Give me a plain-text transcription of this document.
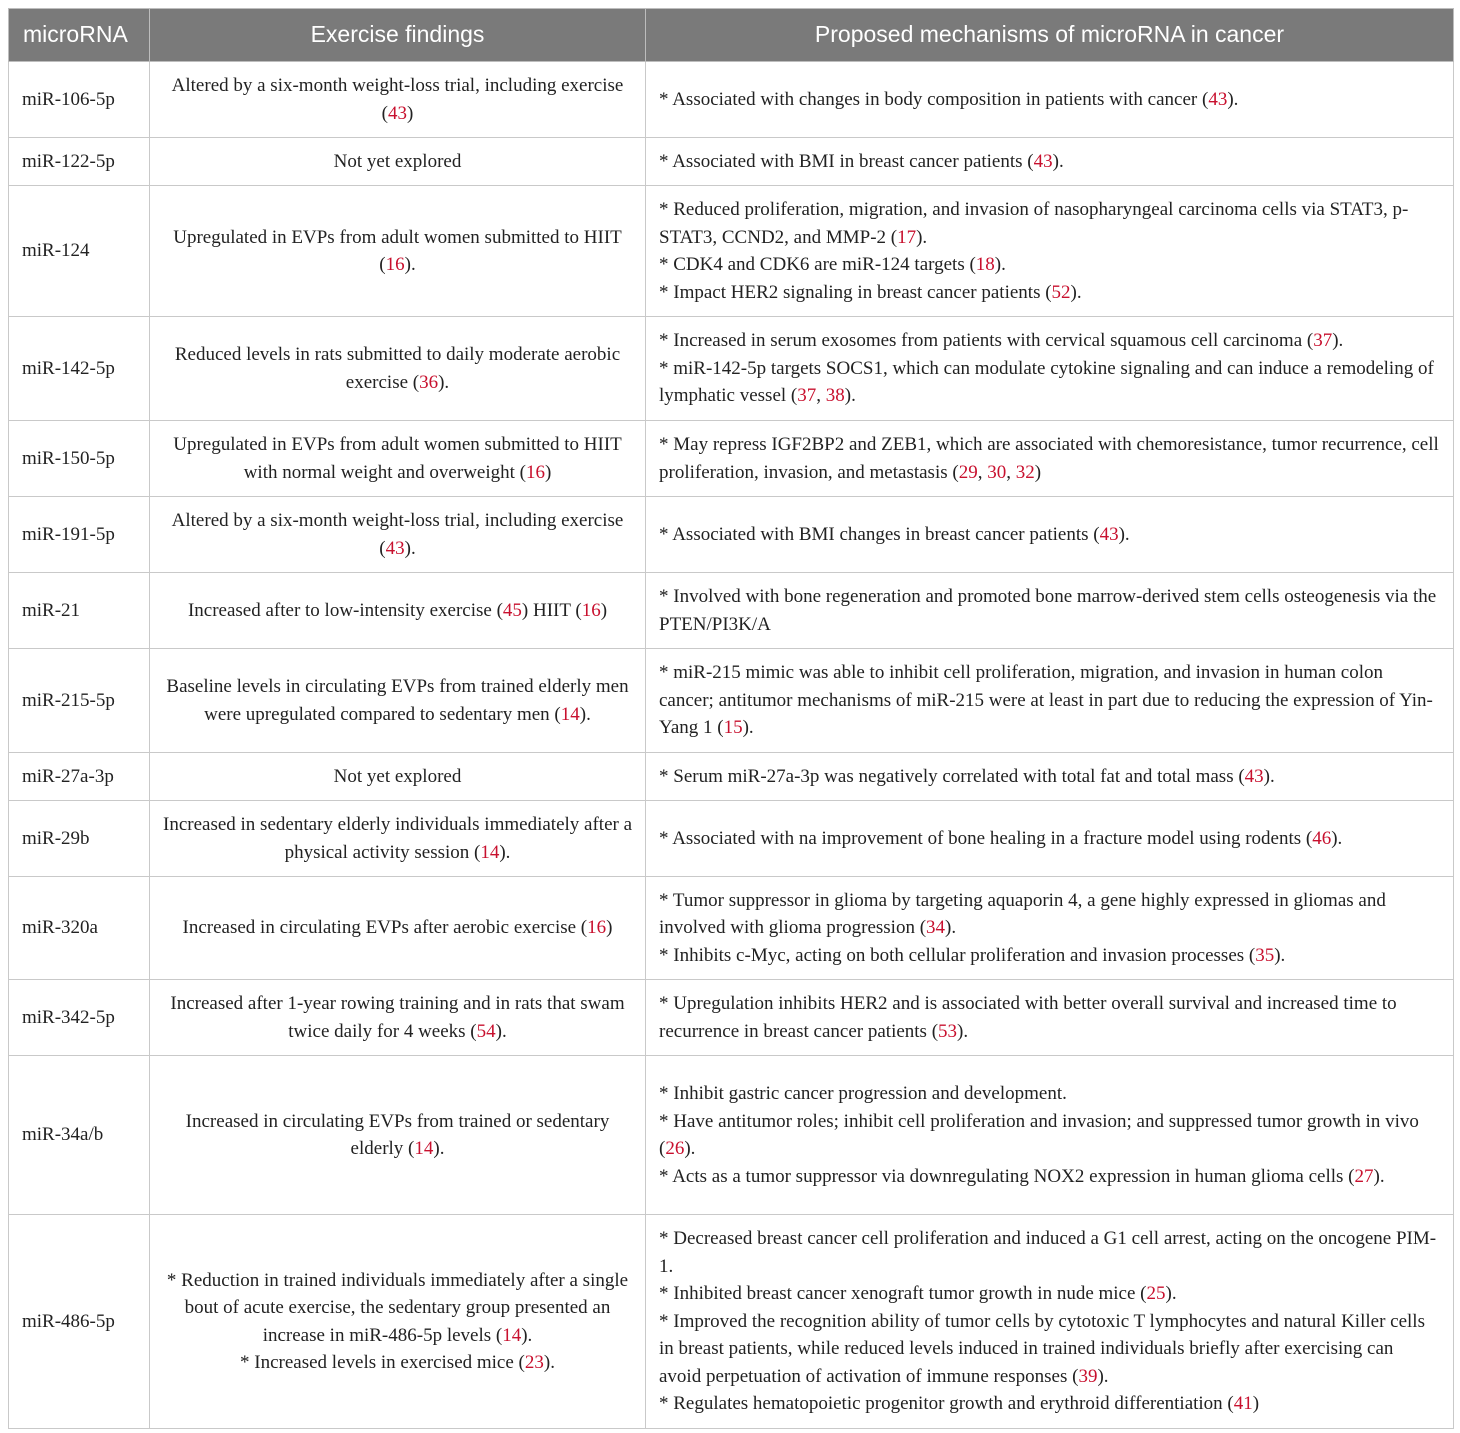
microRNA	Exercise findings	Proposed mechanisms of microRNA in cancer
miR-106-5p	Altered by a six-month weight-loss trial, including exercise (43)	* Associated with changes in body composition in patients with cancer (43).

miR-122-5p	Not yet explored	* Associated with BMI in breast cancer patients (43).

miR-124	Upregulated in EVPs from adult women submitted to HIIT (16).	* Reduced proliferation, migration, and invasion of nasopharyngeal carcinoma cells via STAT3, p-STAT3, CCND2, and MMP-2 (17).
* CDK4 and CDK6 are miR-124 targets (18).
* Impact HER2 signaling in breast cancer patients (52).

miR-142-5p	Reduced levels in rats submitted to daily moderate aerobic exercise (36).	* Increased in serum exosomes from patients with cervical squamous cell carcinoma (37).
* miR-142-5p targets SOCS1, which can modulate cytokine signaling and can induce a remodeling of lymphatic vessel (37, 38).

miR-150-5p	Upregulated in EVPs from adult women submitted to HIIT with normal weight and overweight (16)	* May repress IGF2BP2 and ZEB1, which are associated with chemoresistance, tumor recurrence, cell proliferation, invasion, and metastasis (29, 30, 32)

miR-191-5p	Altered by a six-month weight-loss trial, including exercise (43).	* Associated with BMI changes in breast cancer patients (43).

miR-21	Increased after to low-intensity exercise (45) HIIT (16)	* Involved with bone regeneration and promoted bone marrow-derived stem cells osteogenesis via the PTEN/PI3K/A

miR-215-5p	Baseline levels in circulating EVPs from trained elderly men were upregulated compared to sedentary men (14).	* miR-215 mimic was able to inhibit cell proliferation, migration, and invasion in human colon cancer; antitumor mechanisms of miR-215 were at least in part due to reducing the expression of Yin-Yang 1 (15).

miR-27a-3p	Not yet explored	* Serum miR-27a-3p was negatively correlated with total fat and total mass (43).

miR-29b	Increased in sedentary elderly individuals immediately after a physical activity session (14).	* Associated with na improvement of bone healing in a fracture model using rodents (46).

miR-320a	Increased in circulating EVPs after aerobic exercise (16)	* Tumor suppressor in glioma by targeting aquaporin 4, a gene highly expressed in gliomas and involved with glioma progression (34).
* Inhibits c-Myc, acting on both cellular proliferation and invasion processes (35).

miR-342-5p	Increased after 1-year rowing training and in rats that swam twice daily for 4 weeks (54).	* Upregulation inhibits HER2 and is associated with better overall survival and increased time to recurrence in breast cancer patients (53).

miR-34a/b	Increased in circulating EVPs from trained or sedentary elderly (14).	* Inhibit gastric cancer progression and development.
* Have antitumor roles; inhibit cell proliferation and invasion; and suppressed tumor growth in vivo (26).
* Acts as a tumor suppressor via downregulating NOX2 expression in human glioma cells (27).

miR-486-5p	* Reduction in trained individuals immediately after a single bout of acute exercise, the sedentary group presented an increase in miR-486-5p levels (14).
* Increased levels in exercised mice (23).	* Decreased breast cancer cell proliferation and induced a G1 cell arrest, acting on the oncogene PIM-1.
* Inhibited breast cancer xenograft tumor growth in nude mice (25).
* Improved the recognition ability of tumor cells by cytotoxic T lymphocytes and natural Killer cells in breast patients, while reduced levels induced in trained individuals briefly after exercising can avoid perpetuation of activation of immune responses (39).
* Regulates hematopoietic progenitor growth and erythroid differentiation (41)
